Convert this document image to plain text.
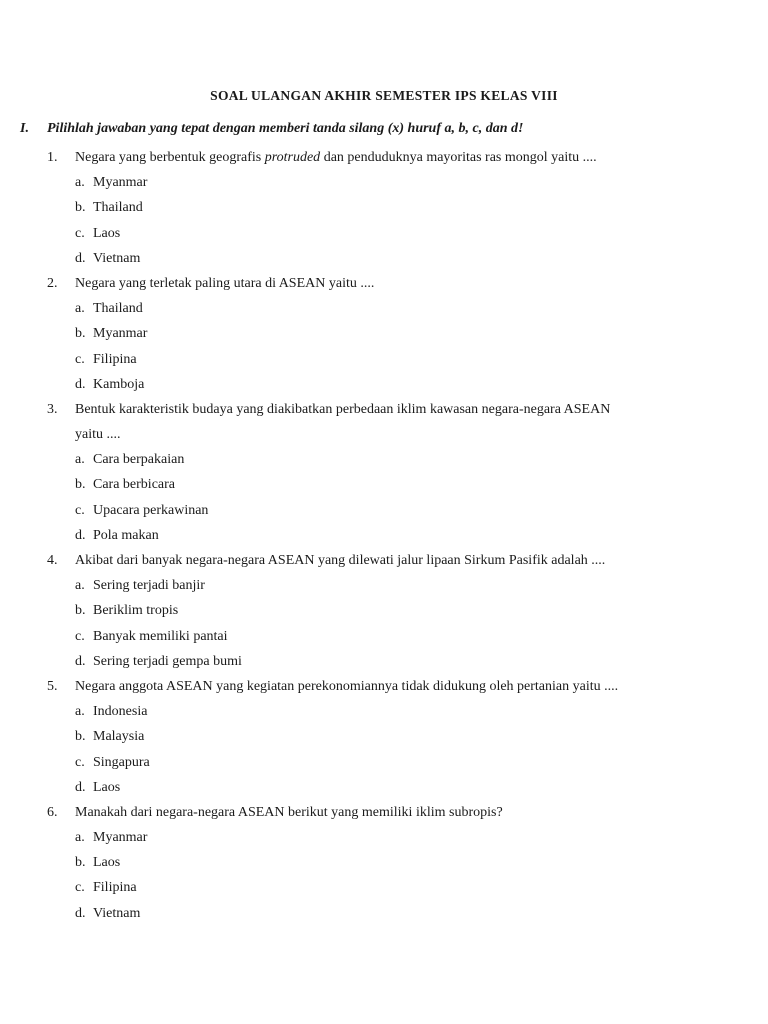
SOAL ULANGAN AKHIR SEMESTER IPS KELAS VIII
I. Pilihlah jawaban yang tepat dengan memberi tanda silang (x) huruf a, b, c, dan d!
1. Negara yang berbentuk geografis protruded dan penduduknya mayoritas ras mongol yaitu ....
a. Myanmar
b. Thailand
c. Laos
d. Vietnam
2. Negara yang terletak paling utara di ASEAN yaitu ....
a. Thailand
b. Myanmar
c. Filipina
d. Kamboja
3. Bentuk karakteristik budaya yang diakibatkan perbedaan iklim kawasan negara-negara ASEAN
yaitu ....
a. Cara berpakaian
b. Cara berbicara
c. Upacara perkawinan
d. Pola makan
4. Akibat dari banyak negara-negara ASEAN yang dilewati jalur lipaan Sirkum Pasifik adalah ....
a. Sering terjadi banjir
b. Beriklim tropis
c. Banyak memiliki pantai
d. Sering terjadi gempa bumi
5. Negara anggota ASEAN yang kegiatan perekonomiannya tidak didukung oleh pertanian yaitu ....
a. Indonesia
b. Malaysia
c. Singapura
d. Laos
6. Manakah dari negara-negara ASEAN berikut yang memiliki iklim subropis?
a. Myanmar
b. Laos
c. Filipina
d. Vietnam
